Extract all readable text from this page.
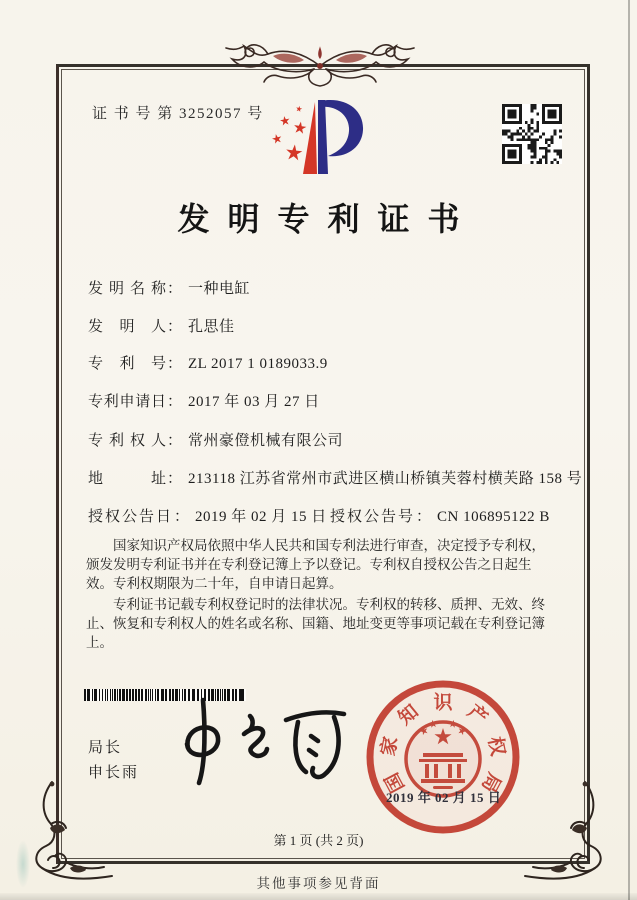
证 书 号 第 3252057 号
发明专利证书
发明名称： 一种电缸
发明人： 孔思佳
专利号： ZL 2017 1 0189033.9
专利申请日： 2017 年 03 月 27 日
专利权人： 常州豪僜机械有限公司
地址： 213118 江苏省常州市武进区横山桥镇芙蓉村横芙路 158 号
授权公告日： 2019 年 02 月 15 日 授权公告号： CN 106895122 B

国家知识产权局依照中华人民共和国专利法进行审查，决定授予专利权，颁发发明专利证书并在专利登记簿上予以登记。专利权自授权公告之日起生效。专利权期限为二十年，自申请日起算。

专利证书记载专利权登记时的法律状况。专利权的转移、质押、无效、终止、恢复和专利权人的姓名或名称、国籍、地址变更等事项记载在专利登记簿上。

局长
申长雨	国
家
知 识 产
权
局
2019 年 02 月 15 日
第 1 页 (共 2 页)
其他事项参见背面
